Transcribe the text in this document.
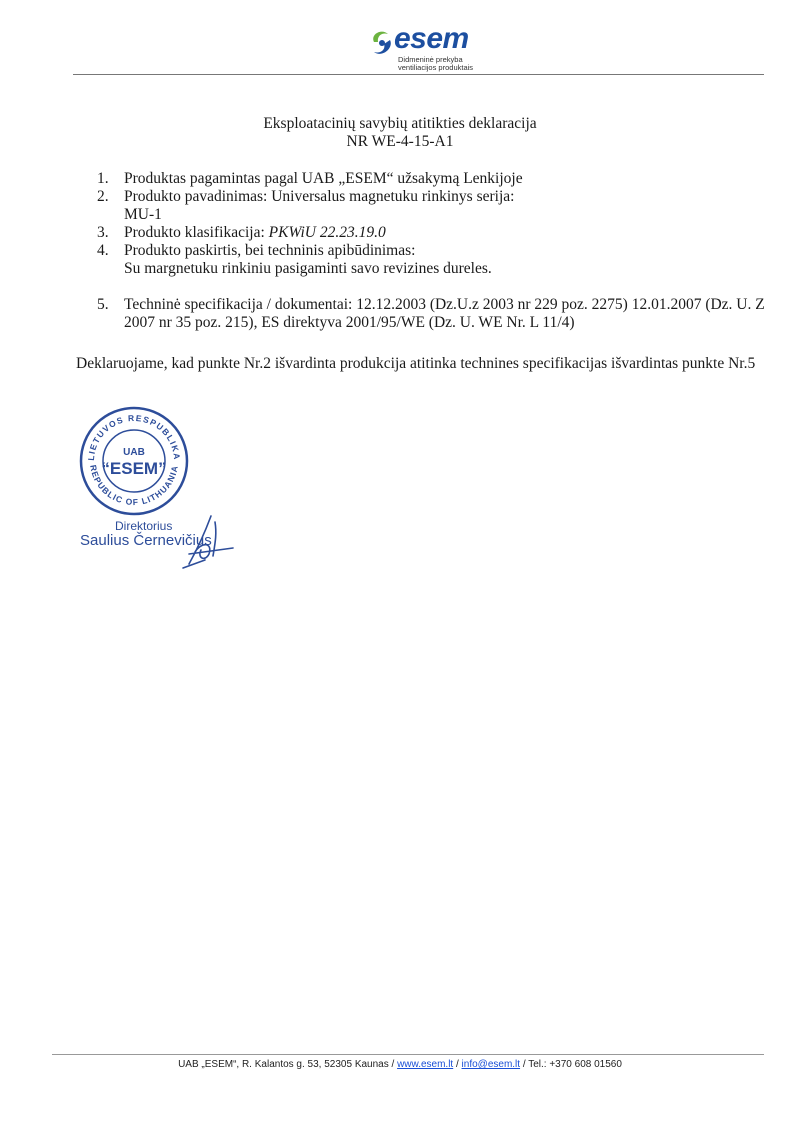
esem
Didmeninė prekyba
ventiliacijos produktais
Eksploatacinių savybių atitikties deklaracija
NR WE-4-15-A1
1. Produktas pagamintas pagal UAB „ESEM“ užsakymą Lenkijoje
2. Produkto pavadinimas: Universalus magnetuku rinkinys serija:
MU-1
3. Produkto klasifikacija: PKWiU 22.23.19.0
4. Produkto paskirtis, bei techninis apibūdinimas:
Su margnetuku rinkiniu pasigaminti savo revizines dureles.
5. Techninė specifikacija / dokumentai: 12.12.2003 (Dz.U.z 2003 nr 229 poz. 2275) 12.01.2007 (Dz. U. Z 2007 nr 35 poz. 215), ES direktyva 2001/95/WE (Dz. U. WE Nr. L 11/4)
Deklaruojame, kad punkte Nr.2 išvardinta produkcija atitinka technines specifikacijas išvardintas punkte Nr.5
LIETUVOS RESPUBLIKA
REPUBLIC OF LITHUANIA
UAB
“ESEM”
Direktorius
Saulius Černevičius
UAB „ESEM“, R. Kalantos g. 53, 52305 Kaunas / www.esem.lt / info@esem.lt / Tel.: +370 608 01560
